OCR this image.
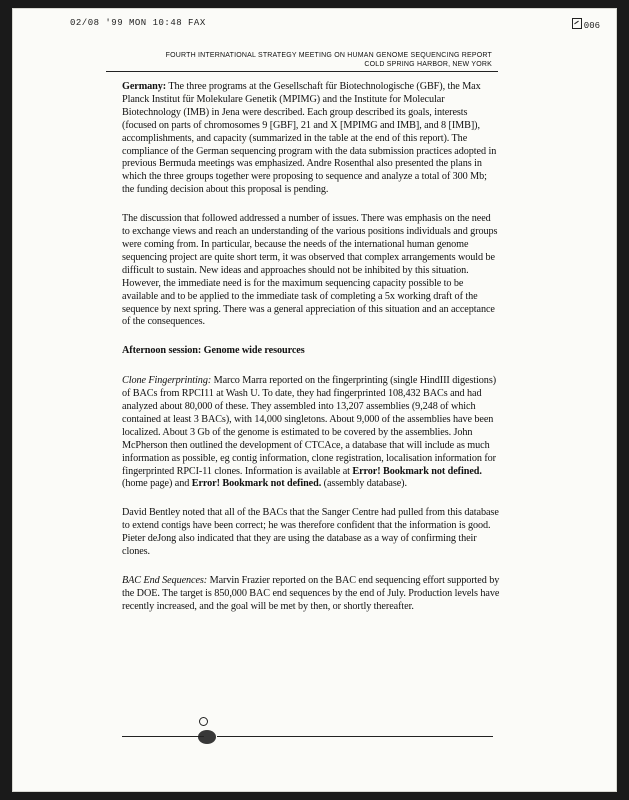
02/08 '99 MON 10:48 FAX	006
FOURTH INTERNATIONAL STRATEGY MEETING ON HUMAN GENOME SEQUENCING REPORT
COLD SPRING HARBOR, NEW YORK

Germany: The three programs at the Gesellschaft für Biotechnologische (GBF), the Max Planck Institut für Molekulare Genetik (MPIMG) and the Institute for Molecular Biotechnology (IMB) in Jena were described. Each group described its goals, interests (focused on parts of chromosomes 9 [GBF], 21 and X [MPIMG and IMB], and 8 [IMB]), accomplishments, and capacity (summarized in the table at the end of this report). The compliance of the German sequencing program with the data submission practices adopted in previous Bermuda meetings was emphasized. Andre Rosenthal also presented the plans in which the three groups together were proposing to sequence and analyze a total of 300 Mb; the funding decision about this proposal is pending.

The discussion that followed addressed a number of issues. There was emphasis on the need to exchange views and reach an understanding of the various positions individuals and groups were coming from. In particular, because the needs of the international human genome sequencing project are quite short term, it was observed that complex arrangements would be difficult to sustain. New ideas and approaches should not be inhibited by this situation. However, the immediate need is for the maximum sequencing capacity possible to be available and to be applied to the immediate task of completing a 5x working draft of the sequence by next spring. There was a general appreciation of this situation and an acceptance of the consequences.

Afternoon session: Genome wide resources

Clone Fingerprinting: Marco Marra reported on the fingerprinting (single HindIII digestions) of BACs from RPCI11 at Wash U. To date, they had fingerprinted 108,432 BACs and had analyzed about 80,000 of these. They assembled into 13,207 assemblies (9,248 of which contained at least 3 BACs), with 14,000 singletons. About 9,000 of the assemblies have been localized. About 3 Gb of the genome is estimated to be covered by the assemblies. John McPherson then outlined the development of CTCAce, a database that will include as much information as possible, eg contig information, clone registration, localisation information for fingerprinted RPCI-11 clones. Information is available at Error! Bookmark not defined. (home page) and Error! Bookmark not defined. (assembly database).

David Bentley noted that all of the BACs that the Sanger Centre had pulled from this database to extend contigs have been correct; he was therefore confident that the information is good. Pieter deJong also indicated that they are using the database as a way of confirming their clones.

BAC End Sequences: Marvin Frazier reported on the BAC end sequencing effort supported by the DOE. The target is 850,000 BAC end sequences by the end of July. Production levels have recently increased, and the goal will be met by then, or shortly thereafter.
